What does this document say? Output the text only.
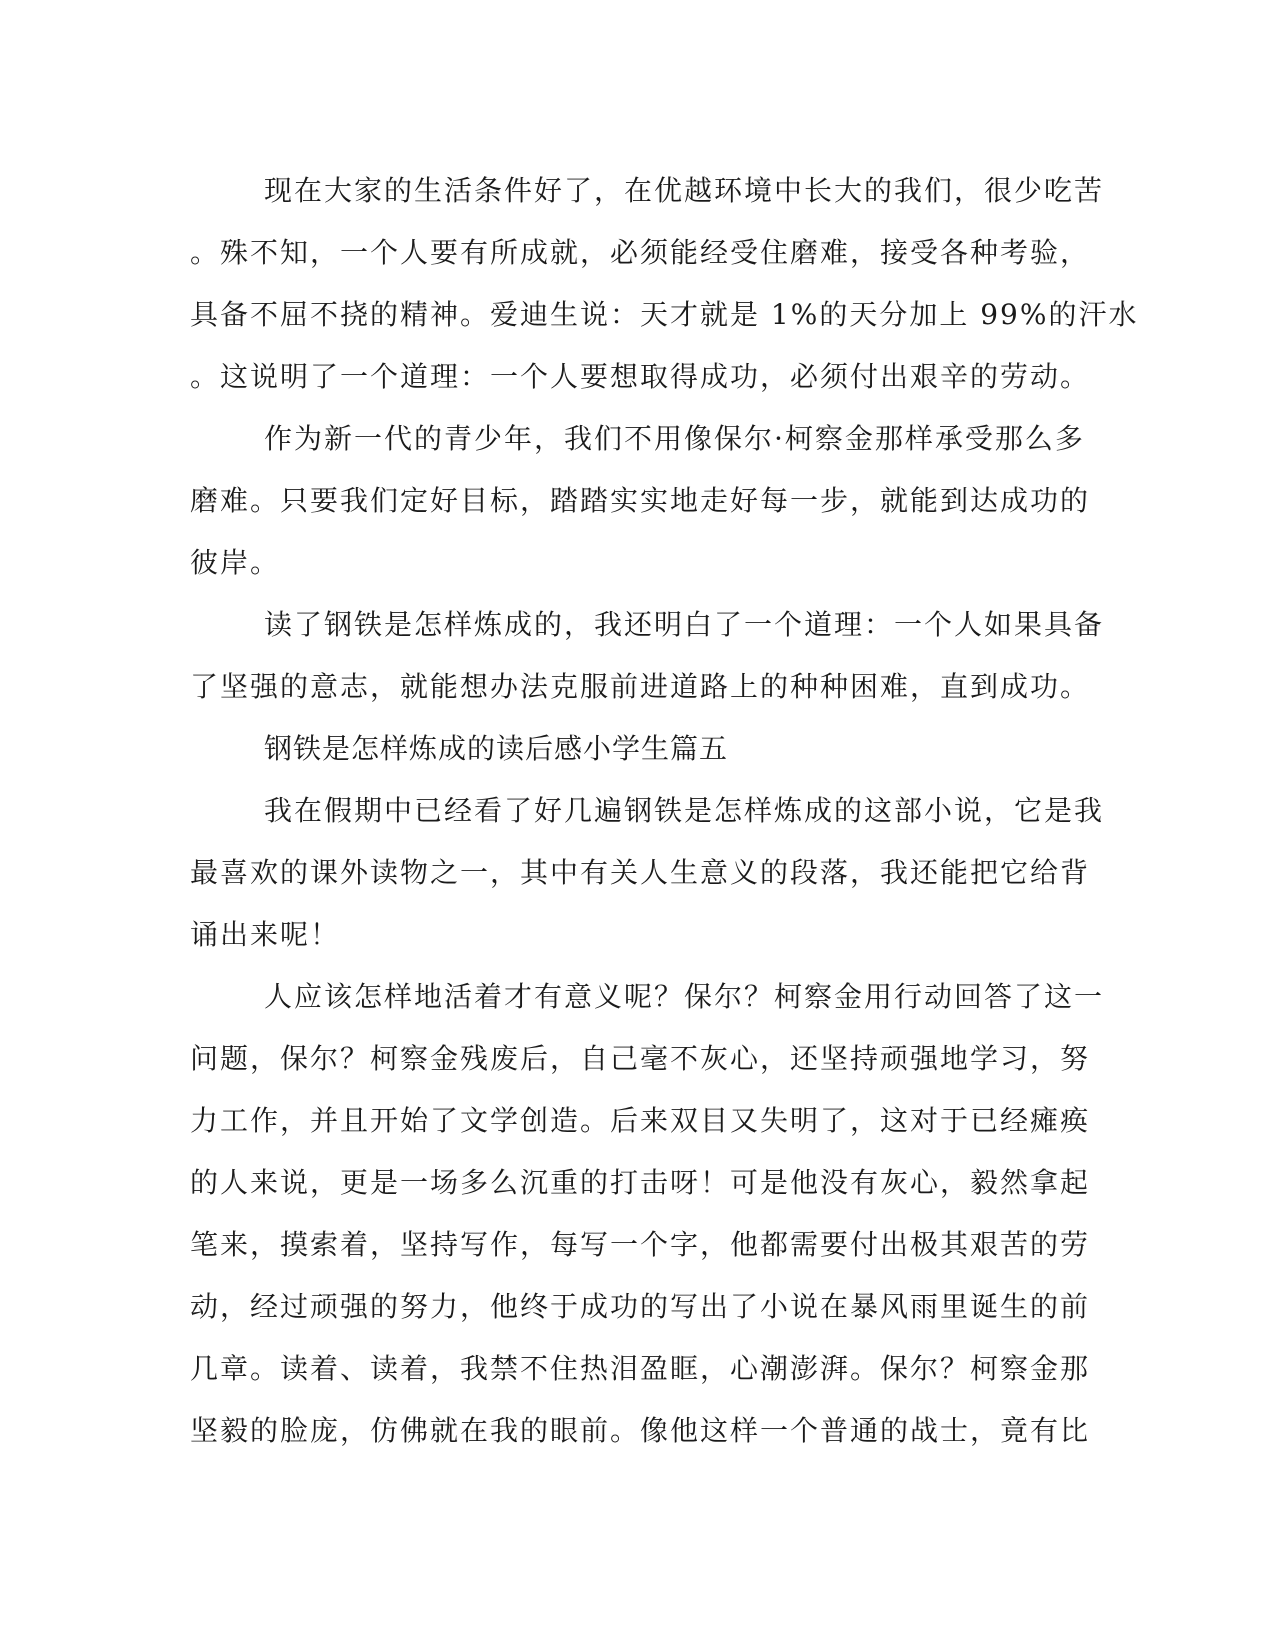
现在大家的生活条件好了，在优越环境中长大的我们，很少吃苦
。殊不知，一个人要有所成就，必须能经受住磨难，接受各种考验，
具备不屈不挠的精神。爱迪生说：天才就是 1%的天分加上 99%的汗水
。这说明了一个道理：一个人要想取得成功，必须付出艰辛的劳动。
作为新一代的青少年，我们不用像保尔·柯察金那样承受那么多
磨难。只要我们定好目标，踏踏实实地走好每一步，就能到达成功的
彼岸。
读了钢铁是怎样炼成的，我还明白了一个道理：一个人如果具备
了坚强的意志，就能想办法克服前进道路上的种种困难，直到成功。
钢铁是怎样炼成的读后感小学生篇五
我在假期中已经看了好几遍钢铁是怎样炼成的这部小说，它是我
最喜欢的课外读物之一，其中有关人生意义的段落，我还能把它给背
诵出来呢！
人应该怎样地活着才有意义呢？保尔？柯察金用行动回答了这一
问题，保尔？柯察金残废后，自己毫不灰心，还坚持顽强地学习，努
力工作，并且开始了文学创造。后来双目又失明了，这对于已经瘫痪
的人来说，更是一场多么沉重的打击呀！可是他没有灰心，毅然拿起
笔来，摸索着，坚持写作，每写一个字，他都需要付出极其艰苦的劳
动，经过顽强的努力，他终于成功的写出了小说在暴风雨里诞生的前
几章。读着、读着，我禁不住热泪盈眶，心潮澎湃。保尔？柯察金那
坚毅的脸庞，仿佛就在我的眼前。像他这样一个普通的战士，竟有比
